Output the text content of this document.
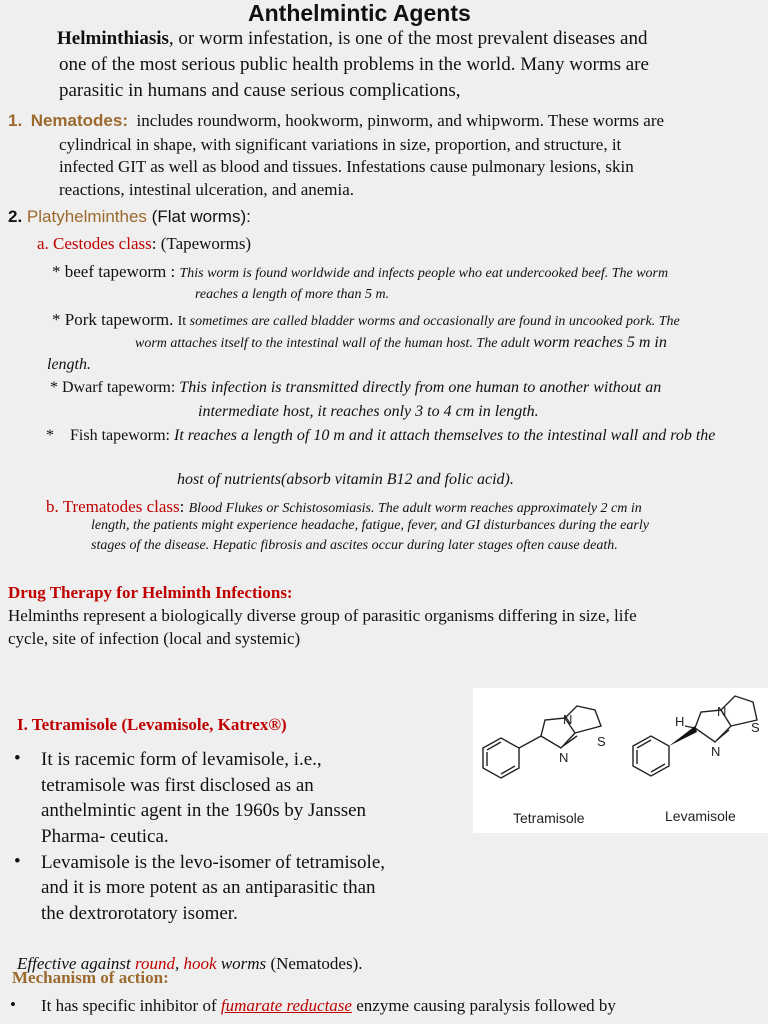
Anthelmintic Agents
Helminthiasis, or worm infestation, is one of the most prevalent diseases and
one of the most serious public health problems in the world. Many worms are
parasitic in humans and cause serious complications,
1. Nematodes: includes roundworm, hookworm, pinworm, and whipworm. These worms are
cylindrical in shape, with significant variations in size, proportion, and structure, it
infected GIT as well as blood and tissues. Infestations cause pulmonary lesions, skin
reactions, intestinal ulceration, and anemia.
2. Platyhelminthes (Flat worms):
a. Cestodes class: (Tapeworms)
* beef tapeworm : This worm is found worldwide and infects people who eat undercooked beef. The worm
reaches a length of more than 5 m.
* Pork tapeworm. It sometimes are called bladder worms and occasionally are found in uncooked pork. The
worm attaches itself to the intestinal wall of the human host. The adult worm reaches 5 m in
length.
* Dwarf tapeworm: This infection is transmitted directly from one human to another without an
intermediate host, it reaches only 3 to 4 cm in length.
* Fish tapeworm: It reaches a length of 10 m and it attach themselves to the intestinal wall and rob the
host of nutrients(absorb vitamin B12 and folic acid).
b. Trematodes class: Blood Flukes or Schistosomiasis. The adult worm reaches approximately 2 cm in
length, the patients might experience headache, fatigue, fever, and GI disturbances during the early
stages of the disease. Hepatic fibrosis and ascites occur during later stages often cause death.
Drug Therapy for Helminth Infections:
Helminths represent a biologically diverse group of parasitic organisms differing in size, life
cycle, site of infection (local and systemic)
I. Tetramisole (Levamisole, Katrex®)
• It is racemic form of levamisole, i.e.,
tetramisole was first disclosed as an
anthelmintic agent in the 1960s by Janssen
Pharma- ceutica.
• Levamisole is the levo-isomer of tetramisole,
and it is more potent as an antiparasitic than
the dextrorotatory isomer.
Effective against round, hook worms (Nematodes).
Mechanism of action:
• It has specific inhibitor of fumarate reductase enzyme causing paralysis followed by
N
N
S
Tetramisole
H
N
N
S
Levamisole
